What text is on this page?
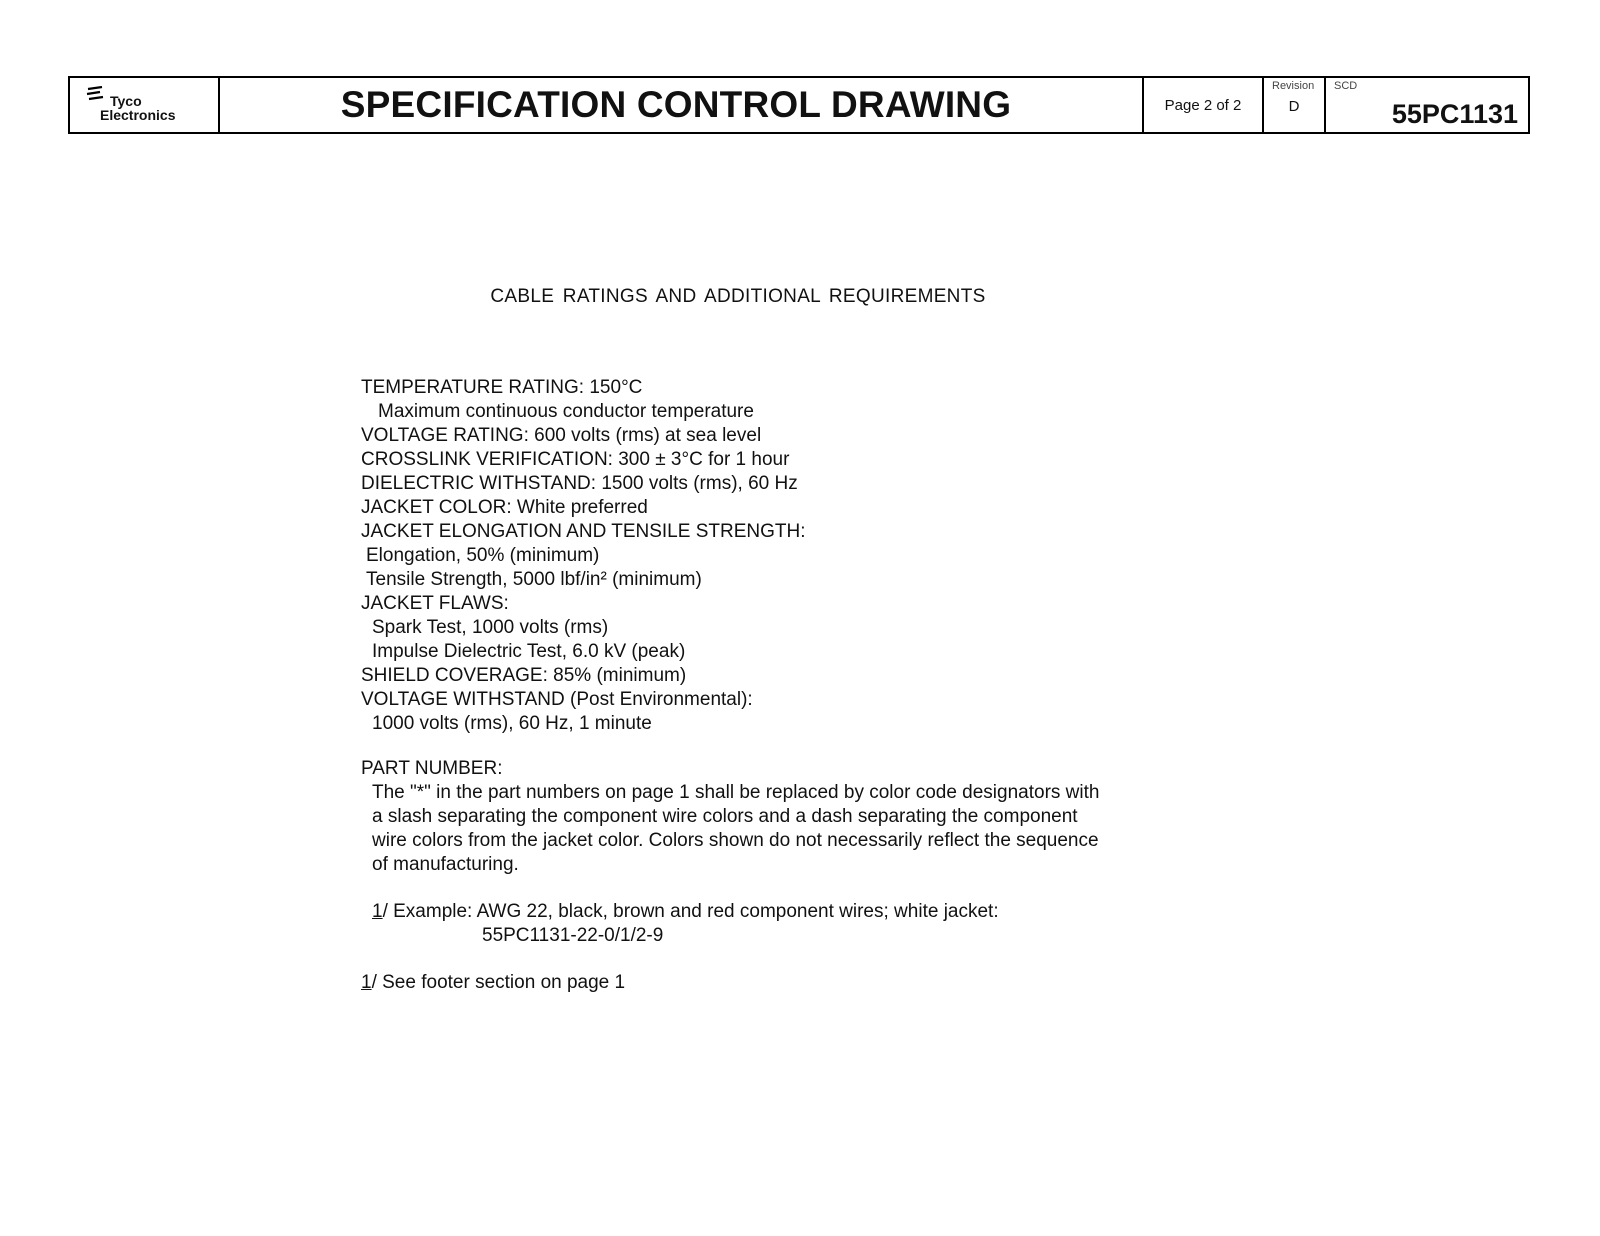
Tyco
Electronics	SPECIFICATION CONTROL DRAWING	Page 2 of 2
Revision
D
SCD
55PC1131
CABLE RATINGS AND ADDITIONAL REQUIREMENTS
TEMPERATURE RATING: 150°C
Maximum continuous conductor temperature
VOLTAGE RATING: 600 volts (rms) at sea level
CROSSLINK VERIFICATION: 300 ± 3°C for 1 hour
DIELECTRIC WITHSTAND: 1500 volts (rms), 60 Hz
JACKET COLOR: White preferred
JACKET ELONGATION AND TENSILE STRENGTH:
Elongation, 50% (minimum)
Tensile Strength, 5000 lbf/in² (minimum)
JACKET FLAWS:
Spark Test, 1000 volts (rms)
Impulse Dielectric Test, 6.0 kV (peak)
SHIELD COVERAGE: 85% (minimum)
VOLTAGE WITHSTAND (Post Environmental):
1000 volts (rms), 60 Hz, 1 minute
PART NUMBER:
The "*" in the part numbers on page 1 shall be replaced by color code designators with
a slash separating the component wire colors and a dash separating the component
wire colors from the jacket color. Colors shown do not necessarily reflect the sequence
of manufacturing.
1/ Example: AWG 22, black, brown and red component wires; white jacket:
55PC1131-22-0/1/2-9
1/ See footer section on page 1
